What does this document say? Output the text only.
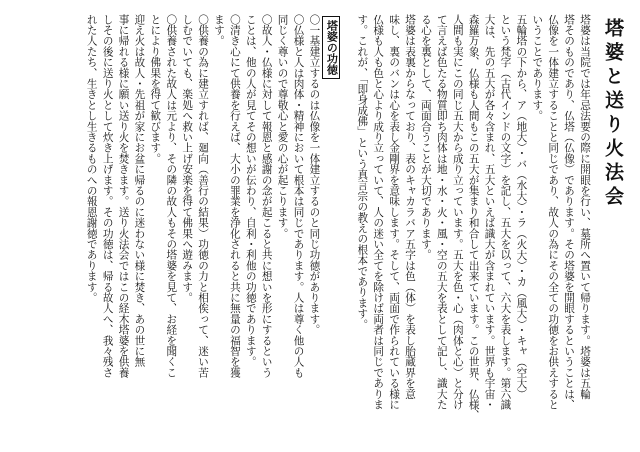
塔婆と送り火法会
塔婆は当院では年忌法要の際に開眼を行い、墓所へ置いて帰ります。塔婆は五輪
塔そのものであり、仏塔（仏像）であります。その塔婆を開眼するということは、
仏像を一体建立することと同じであり、故人の為にその全ての功徳をお供えすると
いうことであります。
五輪塔の下から、ア（地大）・バ（水大）・ラ（火大）・カ（風大）・キャ（空大）
という梵字（古代インドの文字）を記し、五大を以って、六大を表します。第六識
大は、先の五大が各々含まれ、五大といえば識大が含まれています。世界も宇宙・
森羅万象、仏様も人間もこの五大が集まり和合して出来ています。この世界、仏様、
人間も実にこの同じ五大から成り立っています。五大を色・心（肉体と心）と分け
て言えば色たる物質即ち肉体は地・水・火・風・空の五大を表として記し、識大た
る心を裏として、両面合うことが大切であります。
塔婆は表裏からなっており、表のキャカラバア五字は色（体）を表し胎蔵界を意
味し、裏のバンは心を表し金剛界を意味します。そして、両面で作られている様に
仏様も人も色と心より成り立っていて、人の迷い全てを除けば両者は同じでありま
す。これが、「即身成佛」という真言宗の教えの根本であります。
塔婆の功徳
〇一基建立するのは仏像を一体建立するのと同じ功徳があります。
〇仏様と人は肉体・精神において根本は同じであります。人は尊く他の人も
同じく尊いので尊敬心と愛の心が起こります。
〇故人・仏様に対して報恩と感謝の念が起こると共に想いを形にするという
ことは、他の人が見てその想いが伝わり、自利・利他の功徳であります。
〇清き心にて供養を行えば、大小の罪業を浄化されると共に無量の福智を獲
ます。
〇供養の為に建立すれば、廻向（善行の結果）功徳の力と相俟って、迷い苦
しむでいても、楽処へ救い上げ安楽を得て佛果へ遊みます。
〇供養された故人は元より、その隣の故人もその塔婆を見て、お経を聞くこ
とにより佛果を得て歓びます。
迎え火は故人・先祖が家にお盆に帰るのに迷わない様に焚き、あの世に無
事に帰れる様に願い送り火を焚きます。送り火法会ではこの経木塔婆を供養
しその後に送り火として炊き上げます。その功徳は、帰る故人へ、我々残さ
れた人たち、生きとし生きるものへの報恩謝徳であります。
